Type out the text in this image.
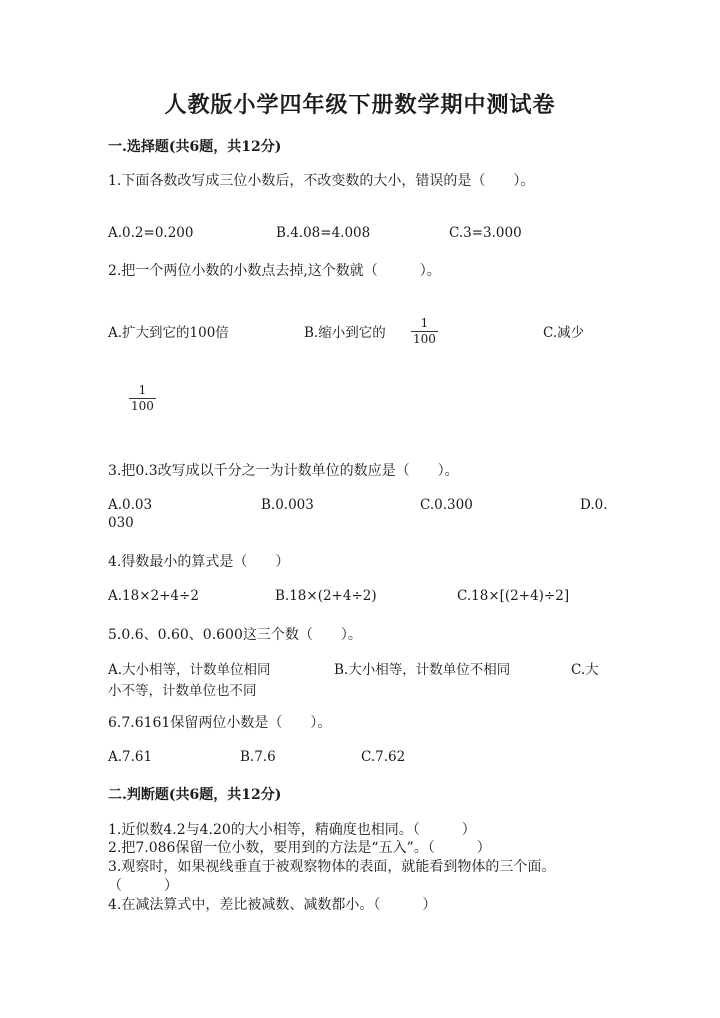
人教版小学四年级下册数学期中测试卷
一.选择题(共6题，共12分)
1.下面各数改写成三位小数后，不改变数的大小，错误的是（　　）。
A.0.2=0.200	B.4.08=4.008	C.3=3.000
2.把一个两位小数的小数点去掉,这个数就（　　　）。
A.扩大到它的100倍	B.缩小到它的
1
100	C.减少
1
100
3.把0.3改写成以千分之一为计数单位的数应是（　　）。
A.0.03	B.0.003	C.0.300	D.0.
030
4.得数最小的算式是（　　）
A.18×2+4÷2	B.18×(2+4÷2)	C.18×[(2+4)÷2]
5.0.6、0.60、0.600这三个数（　　）。
A.大小相等，计数单位相同	B.大小相等，计数单位不相同	C.大
小不等，计数单位也不同
6.7.6161保留两位小数是（　　）。
A.7.61	B.7.6	C.7.62
二.判断题(共6题，共12分)
1.近似数4.2与4.20的大小相等，精确度也相同。（　　　）
2.把7.086保留一位小数，要用到的方法是“五入”。（　　　）
3.观察时，如果视线垂直于被观察物体的表面，就能看到物体的三个面。
（　　　）
4.在减法算式中，差比被减数、减数都小。（　　　）
